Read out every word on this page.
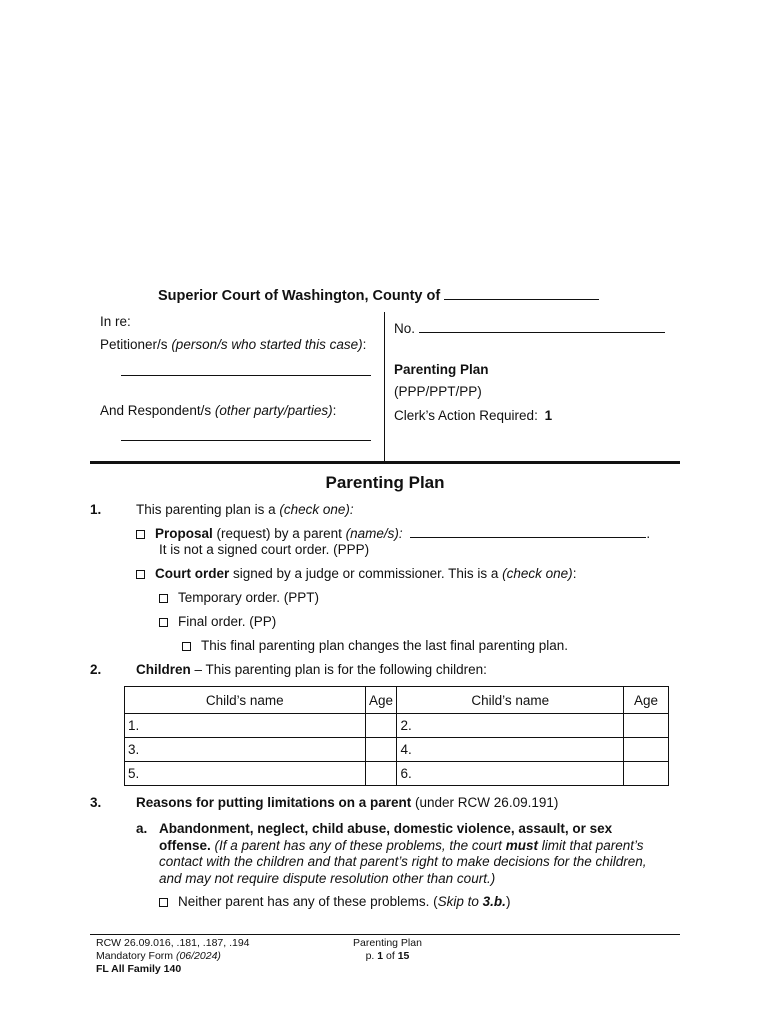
Superior Court of Washington, County of
In re:
Petitioner/s (person/s who started this case):
And Respondent/s (other party/parties):
No.
Parenting Plan
(PPP/PPT/PP)
Clerk’s Action Required: 1
Parenting Plan
1.	This parenting plan is a (check one):
Proposal (request) by a parent (name/s):	.
It is not a signed court order. (PPP)
Court order signed by a judge or commissioner. This is a (check one):
Temporary order. (PPT)
Final order. (PP)
This final parenting plan changes the last final parenting plan.
2.	Children – This parenting plan is for the following children:
Child’s name	Age	Child’s name	Age
1.		2.	
3.		4.	
5.		6.	
3.	Reasons for putting limitations on a parent (under RCW 26.09.191)
a. Abandonment, neglect, child abuse, domestic violence, assault, or sex
offense. (If a parent has any of these problems, the court must limit that parent’s
contact with the children and that parent’s right to make decisions for the children,
and may not require dispute resolution other than court.)
Neither parent has any of these problems. (Skip to 3.b.)
RCW 26.09.016, .181, .187, .194
Mandatory Form (06/2024)
FL All Family 140
Parenting Plan
p. 1 of 15
